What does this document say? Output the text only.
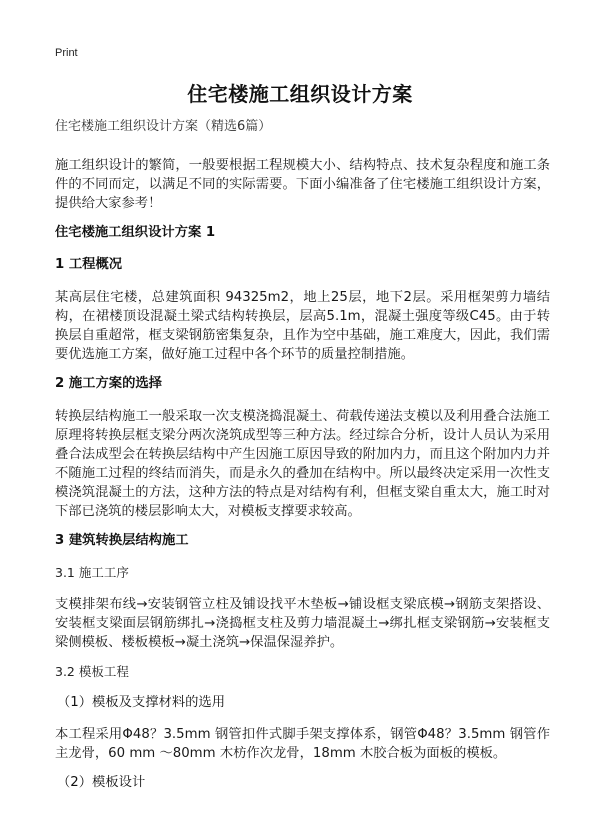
Print
住宅楼施工组织设计方案
住宅楼施工组织设计方案（精选6篇）

施工组织设计的繁简，一般要根据工程规模大小、结构特点、技术复杂程度和施工条件的不同而定，以满足不同的实际需要。下面小编准备了住宅楼施工组织设计方案，提供给大家参考！

住宅楼施工组织设计方案 1
1 工程概况

某高层住宅楼，总建筑面积 94325m2，地上25层，地下2层。采用框架剪力墙结构，在裙楼顶设混凝土梁式结构转换层，层高5.1m，混凝土强度等级C45。由于转换层自重超常，框支梁钢筋密集复杂，且作为空中基础，施工难度大，因此，我们需要优选施工方案，做好施工过程中各个环节的质量控制措施。

2 施工方案的选择

转换层结构施工一般采取一次支模浇捣混凝土、荷载传递法支模以及利用叠合法施工原理将转换层框支梁分两次浇筑成型等三种方法。经过综合分析，设计人员认为采用叠合法成型会在转换层结构中产生因施工原因导致的附加内力，而且这个附加内力并不随施工过程的终结而消失，而是永久的叠加在结构中。所以最终决定采用一次性支模浇筑混凝土的方法，这种方法的特点是对结构有利，但框支梁自重太大，施工时对下部已浇筑的楼层影响太大，对模板支撑要求较高。

3 建筑转换层结构施工
3.1 施工工序

支模排架布线→安装钢管立柱及铺设找平木垫板→铺设框支梁底模→钢筋支架搭设、安装框支梁面层钢筋绑扎→浇捣框支柱及剪力墙混凝土→绑扎框支梁钢筋→安装框支梁侧模板、楼板模板→凝土浇筑→保温保湿养护。

3.2 模板工程
（1）模板及支撑材料的选用

本工程采用Φ48？3.5mm 钢管扣件式脚手架支撑体系，钢管Φ48？3.5mm 钢管作主龙骨，60 mm ～80mm 木枋作次龙骨，18mm 木胶合板为面板的模板。

（2）模板设计
